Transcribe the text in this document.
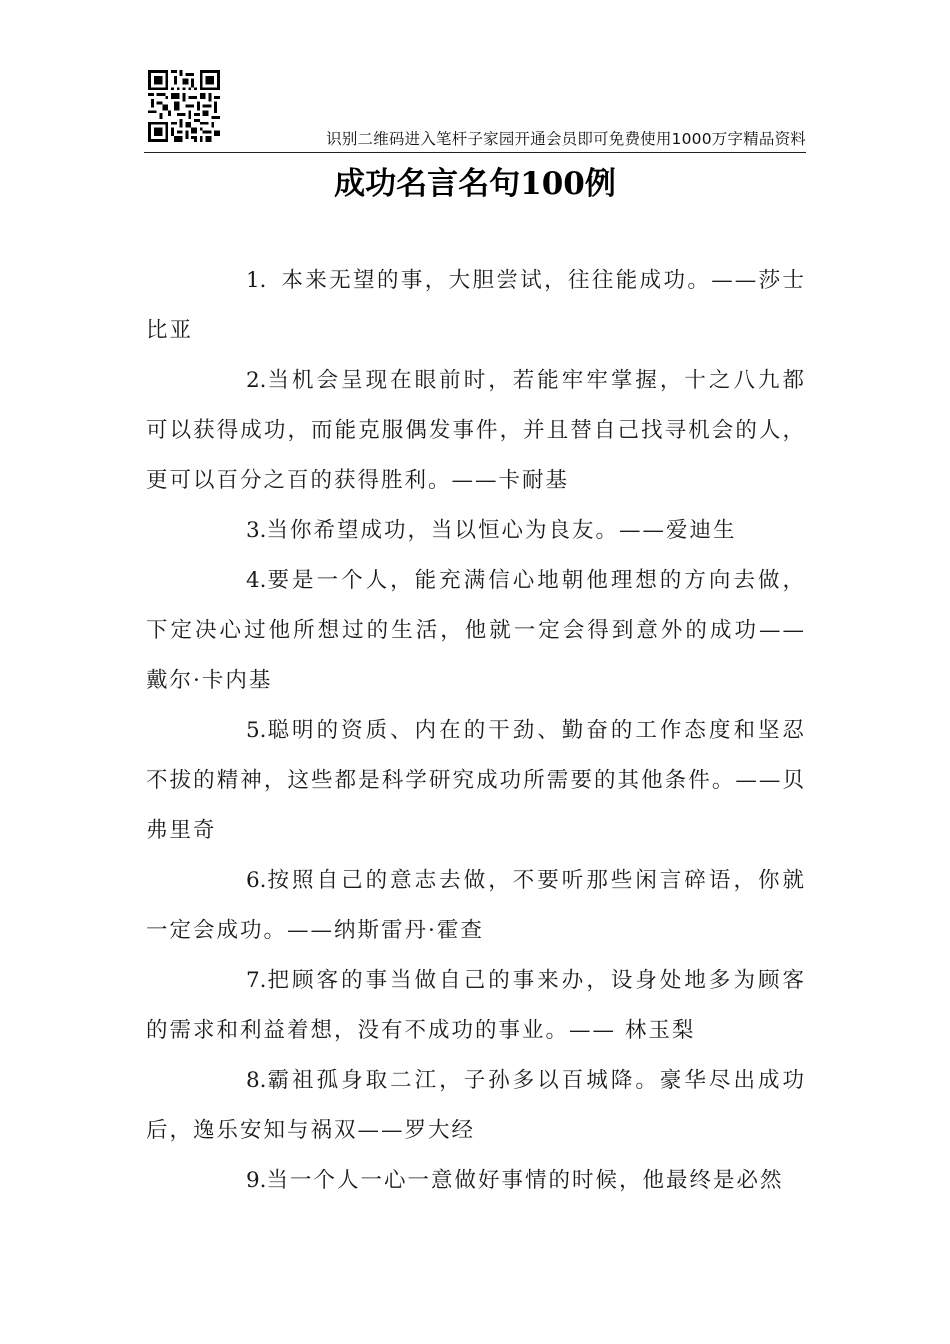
识别二维码进入笔杆子家园开通会员即可免费使用1000万字精品资料
成功名言名句100例

1．本来无望的事，大胆尝试，往往能成功。——莎士比亚

2.当机会呈现在眼前时，若能牢牢掌握，十之八九都可以获得成功，而能克服偶发事件，并且替自己找寻机会的人，更可以百分之百的获得胜利。——卡耐基

3.当你希望成功，当以恒心为良友。——爱迪生

4.要是一个人，能充满信心地朝他理想的方向去做，下定决心过他所想过的生活，他就一定会得到意外的成功—— 戴尔·卡内基

5.聪明的资质、内在的干劲、勤奋的工作态度和坚忍不拔的精神，这些都是科学研究成功所需要的其他条件。——贝弗里奇

6.按照自己的意志去做，不要听那些闲言碎语，你就一定会成功。——纳斯雷丹·霍查

7.把顾客的事当做自己的事来办，设身处地多为顾客的需求和利益着想，没有不成功的事业。—— 林玉梨

8.霸祖孤身取二江，子孙多以百城降。豪华尽出成功后，逸乐安知与祸双——罗大经

9.当一个人一心一意做好事情的时候，他最终是必然
